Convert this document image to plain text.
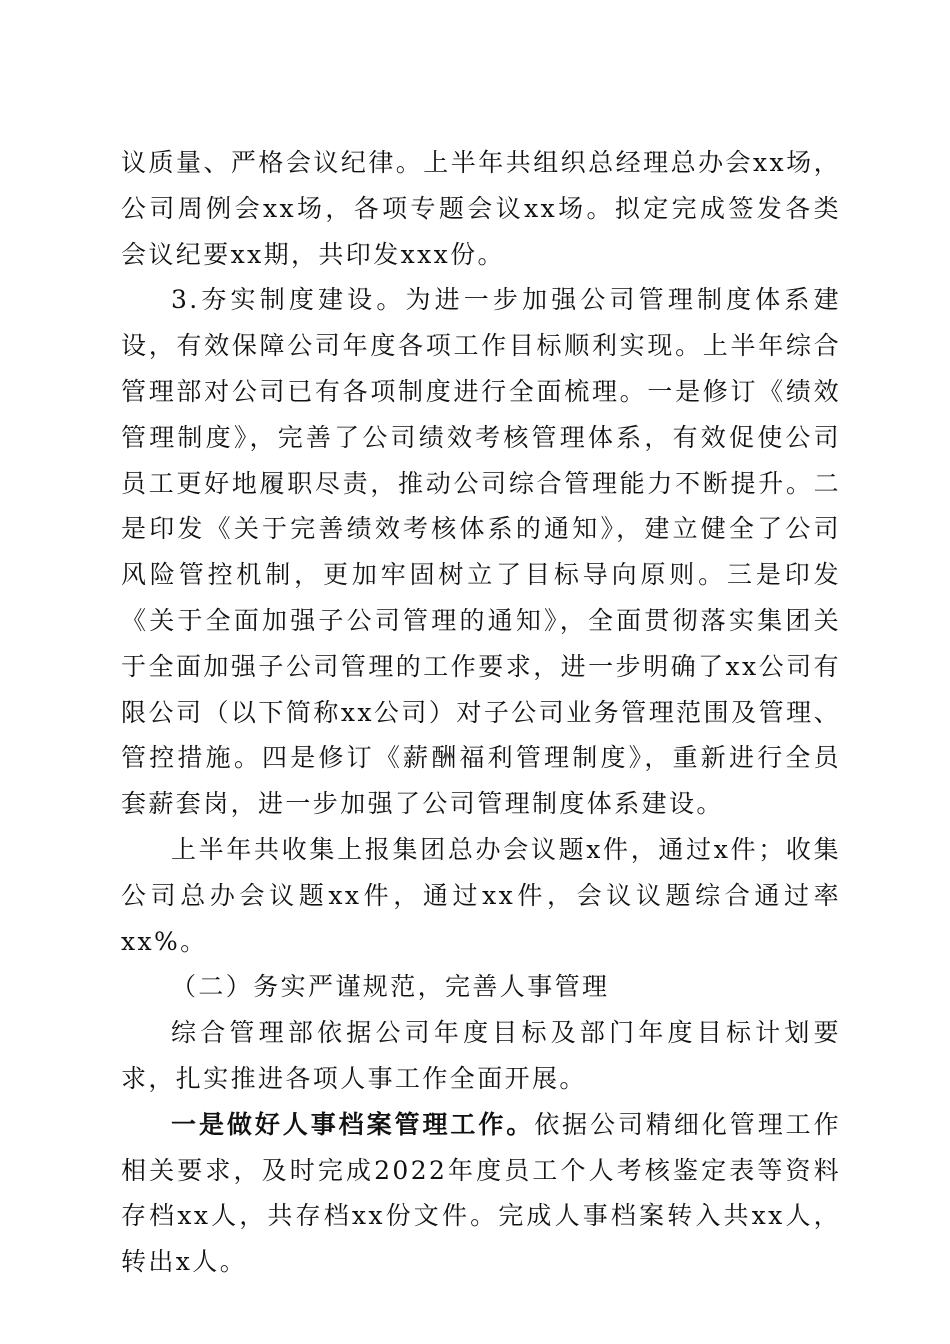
议质量、严格会议纪律。上半年共组织总经理总办会xx场，公司周例会xx场，各项专题会议xx场。拟定完成签发各类会议纪要xx期，共印发xxx份。

3.夯实制度建设。为进一步加强公司管理制度体系建设，有效保障公司年度各项工作目标顺利实现。上半年综合管理部对公司已有各项制度进行全面梳理。一是修订《绩效管理制度》，完善了公司绩效考核管理体系，有效促使公司员工更好地履职尽责，推动公司综合管理能力不断提升。二是印发《关于完善绩效考核体系的通知》，建立健全了公司风险管控机制，更加牢固树立了目标导向原则。三是印发《关于全面加强子公司管理的通知》，全面贯彻落实集团关于全面加强子公司管理的工作要求，进一步明确了xx公司有限公司（以下简称xx公司）对子公司业务管理范围及管理、管控措施。四是修订《薪酬福利管理制度》，重新进行全员套薪套岗，进一步加强了公司管理制度体系建设。

上半年共收集上报集团总办会议题x件，通过x件；收集公司总办会议题xx件，通过xx件，会议议题综合通过率xx%。

（二）务实严谨规范，完善人事管理

综合管理部依据公司年度目标及部门年度目标计划要求，扎实推进各项人事工作全面开展。

一是做好人事档案管理工作。依据公司精细化管理工作相关要求，及时完成2022年度员工个人考核鉴定表等资料存档xx人，共存档xx份文件。完成人事档案转入共xx人，转出x人。
